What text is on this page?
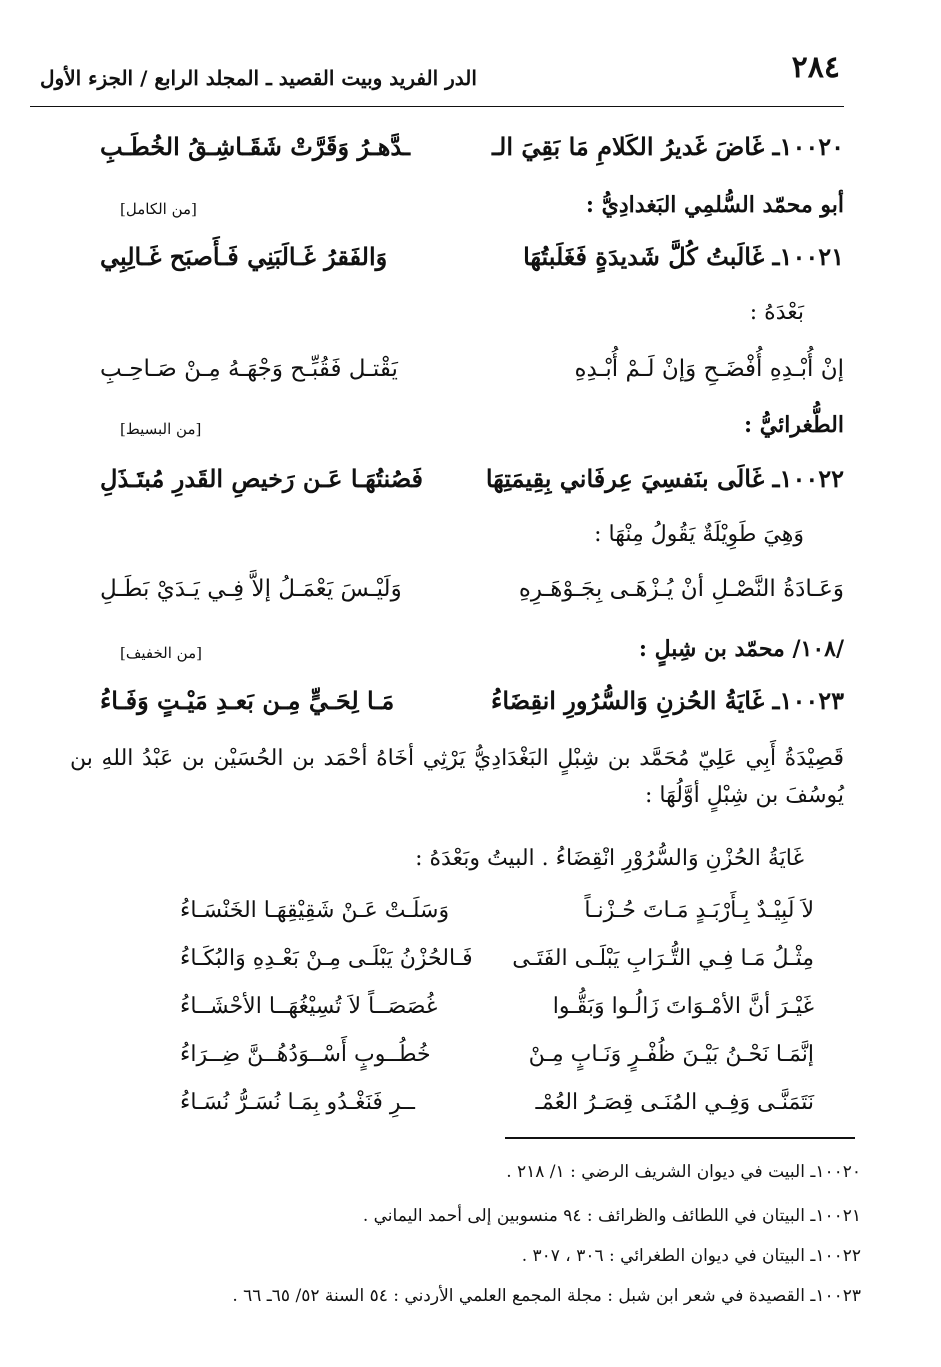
٢٨٤
الدر الفريد وبيت القصيد ـ المجلد الرابع / الجزء الأول
١٠٠٢٠ـ غَاضَ غَديرُ الكَلامِ مَا بَقِيَ الـ
ـدَّهـرُ وَقَرَّتْ شَقَـاشِـقُ الخُطَـبِ
أبو محمّد السُّلمِي البَغدادِيُّ :
[من الكامل]
١٠٠٢١ـ غَالَبتُ كُلَّ شَديدَةٍ فَغَلَبتُهَا
وَالفَقرُ غَـالَبَنِي فَـأَصبَح غَـالِبِي
بَعْدَهُ :
إنْ أُبْـدِهِ أُفْضَـحِ وَإنْ لَـمْ أُبْـدِهِ
يَقْتـل فَقُبِّـح وَجْهَـهُ مِـنْ صَـاحِـبِ
الطُّغرائيُّ :
[من البسيط]
١٠٠٢٢ـ غَالَى بنَفسِيَ عِرفَاني بِقِيمَتِهَا
فَصُنتُهَـا عَـن رَخيصِ القَدرِ مُبتَـذَلِ
وَهِيَ طَوِيْلَةٌ يَقُولُ مِنْهَا :
وَعَـادَةُ النَّصْـلِ أنْ يُـزْهَـى بِجَـوْهَـرِهِ
وَلَيْـسَ يَعْمَـلُ إلاَّ فِـي يَـدَيْ بَطَـلِ
/١٠٨/ محمّد بن شِبلٍ :
[من الخفيف]
١٠٠٢٣ـ غَايَةُ الحُزنِ وَالسُّرُورِ انقِضَاءُ
مَـا لِحَـيٍّ مِـن بَعـدِ مَيْـتٍ وَفَـاءُ
قَصِيْدَةُ أَبِي عَلِيّ مُحَمَّد بن شِبْلٍ البَغْدَادِيُّ يَرْثِي أخَاهُ أحْمَد بن الحُسَيْن بن عَبْدُ اللهِ بن يُوسُفَ بن شِبْلٍ أوَّلُهَا :
غَايَةُ الحُزْنِ وَالسُّرُوْرِ انْقِضَاءُ . البيتُ وبَعْدَهُ :
لاَ لَبِيْـدٌ بِـأَرْبَـدٍ مَـاتَ حُـزْنـاً
وَسَلَـتْ عَـنْ شَقِيْقِهَـا الخَنْسَـاءُ
مِثْـلُ مَـا فِـي التُّـرَابِ يَبْلَـى الفَتَـى
فَـالحُزْنُ يَبْلَـى مِـنْ بَعْـدِهِ وَالبُكَـاءُ
غَيْـرَ أنَّ الأمْـوَاتَ زَالُـوا وَبَقُّـوا
غُصَصَــاً لاَ تُسِيْغُهَــا الأحْشَــاءُ
إنَّمَـا نَحْـنُ بَيْـنَ ظُفْـرٍ وَنَـابٍ مِـنْ
خُطُــوبٍ أَسْــوَدُهُــنَّ ضِــرَاءُ
نَتَمَنَّـى وَفِـي المُنَـى قِصَـرُ العُمْـ
ــرِ فَنَغْـدُو بِمَـا نُسَـرُّ نُسَـاءُ
١٠٠٢٠ـ البيت في ديوان الشريف الرضي : ١/ ٢١٨ .
١٠٠٢١ـ البيتان في اللطائف والظرائف : ٩٤ منسوبين إلى أحمد اليماني .
١٠٠٢٢ـ البيتان في ديوان الطغرائي : ٣٠٦ ، ٣٠٧ .
١٠٠٢٣ـ القصيدة في شعر ابن شبل : مجلة المجمع العلمي الأردني : ٥٤ السنة ٥٢/ ٦٥ـ ٦٦ .
